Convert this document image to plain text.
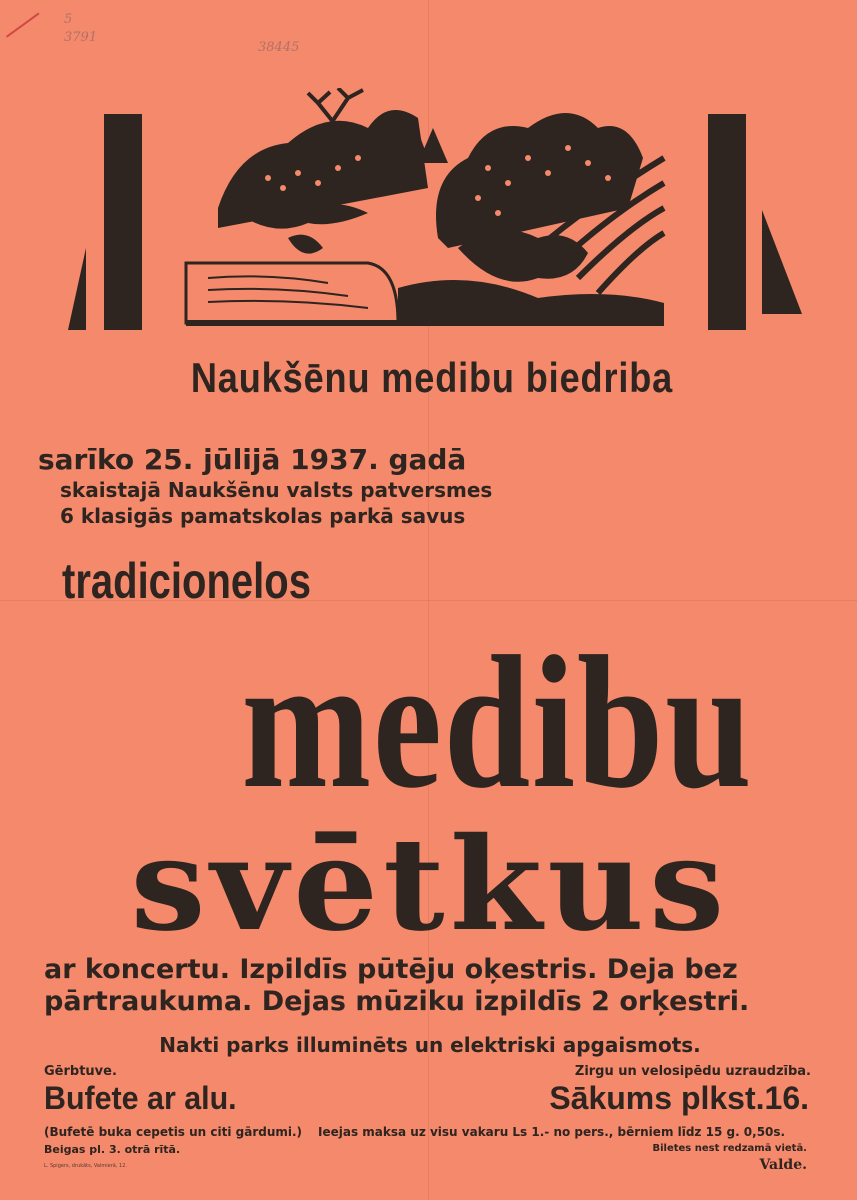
5
3791
38445
Naukšēnu medibu biedriba
sarīko 25. jūlijā 1937. gadā
skaistajā Naukšēnu valsts patversmes
6 klasigās pamatskolas parkā savus
tradicionelos
medibu
svētkus
ar koncertu. Izpildīs pūtēju oķestris. Deja bez
pārtraukuma. Dejas mūziku izpildīs 2 orķestri.
Nakti parks illuminēts un elektriski apgaismots.
Gērbtuve.	Zirgu un velosipēdu uzraudzība.
Bufete ar alu.	Sākums plkst.16.
(Bufetē buka cepetis un citi gārdumi.) Ieejas maksa uz visu vakaru Ls 1.- no pers., bērniem līdz 15 g. 0,50s.
Beigas pl. 3. otrā rītā.	Biletes nest redzamā vietā.
L. Spigers, drukāts, Valmierā, 12.	Valde.
